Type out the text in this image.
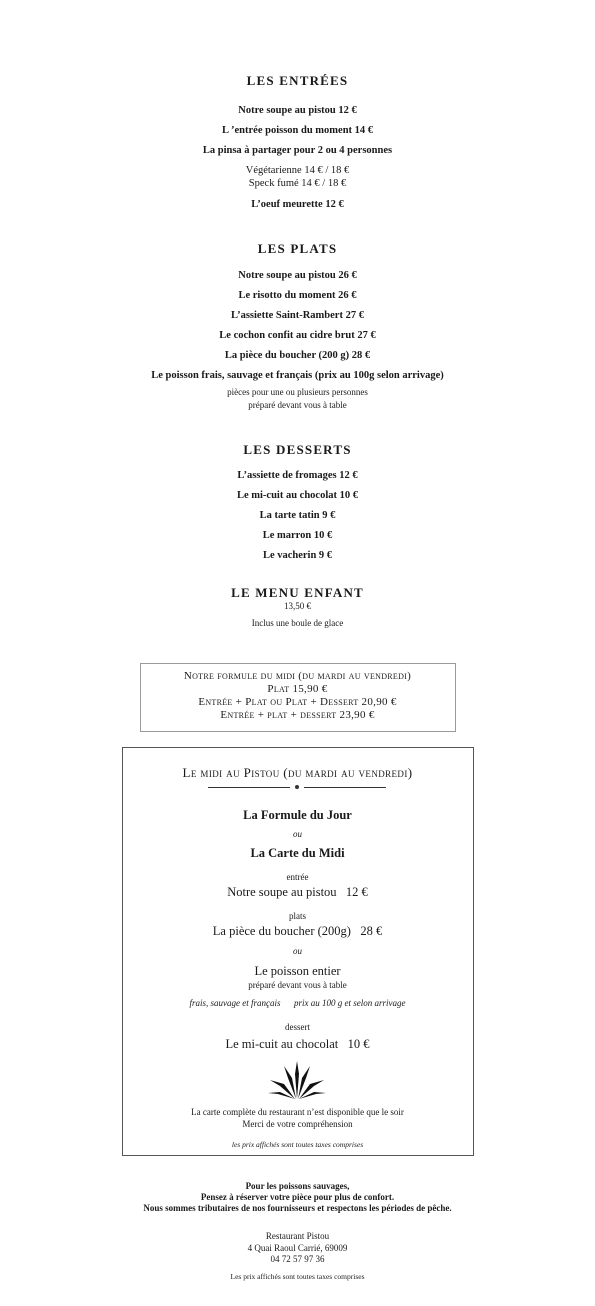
LES ENTRÉES
Notre soupe au pistou 12 €
L ’entrée poisson du moment 14 €
La pinsa à partager pour 2 ou 4 personnes
Végétarienne 14 € / 18 €
Speck fumé 14 € / 18 €
L’oeuf meurette 12 €
LES PLATS
Notre soupe au pistou 26 €
Le risotto du moment 26 €
L’assiette Saint-Rambert 27 €
Le cochon confit au cidre brut 27 €
La pièce du boucher (200 g) 28 €
Le poisson frais, sauvage et français (prix au 100g selon arrivage)
pièces pour une ou plusieurs personnes
préparé devant vous à table
LES DESSERTS
L’assiette de fromages 12 €
Le mi-cuit au chocolat 10 €
La tarte tatin 9 €
Le marron 10 €
Le vacherin 9 €
LE MENU ENFANT
13,50 €
Inclus une boule de glace
Notre formule du midi (du mardi au vendredi)
Plat 15,90 €
Entrée + Plat ou Plat + Dessert 20,90 €
Entrée + plat + dessert 23,90 €
Le midi au Pistou (du mardi au vendredi)
La Formule du Jour
ou
La Carte du Midi
entrée
Notre soupe au pistou 12 €
plats
La pièce du boucher (200g) 28 €
ou
Le poisson entier
préparé devant vous à table
frais, sauvage et français prix au 100 g et selon arrivage
dessert
Le mi-cuit au chocolat 10 €
La carte complète du restaurant n’est disponible que le soir
Merci de votre compréhension
les prix affichés sont toutes taxes comprises
Pour les poissons sauvages,
Pensez à réserver votre pièce pour plus de confort.
Nous sommes tributaires de nos fournisseurs et respectons les périodes de pêche.
Restaurant Pistou
4 Quai Raoul Carrié, 69009
04 72 57 97 36
Les prix affichés sont toutes taxes comprises
